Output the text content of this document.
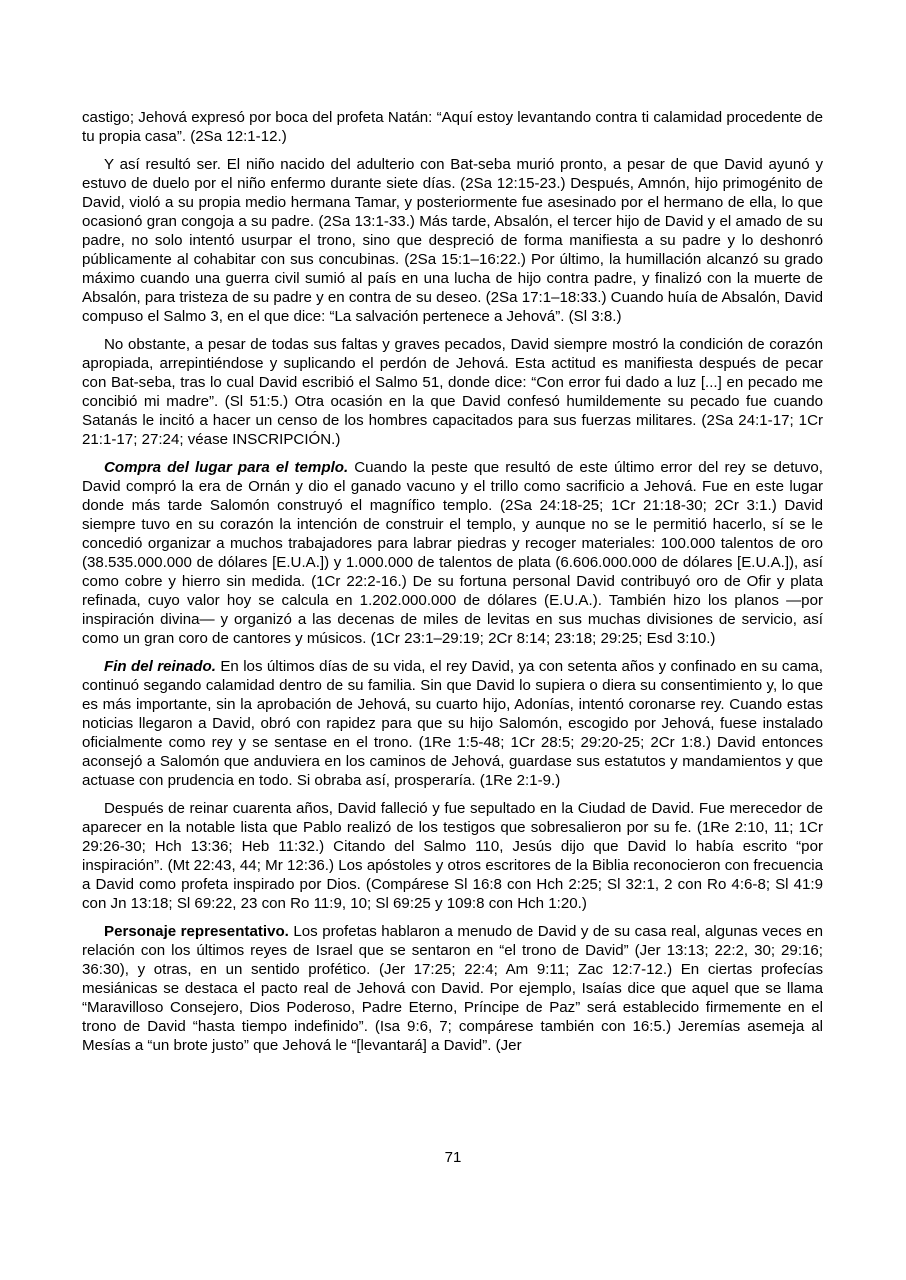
castigo; Jehová expresó por boca del profeta Natán: “Aquí estoy levantando contra ti calamidad procedente de tu propia casa”. (2Sa 12:1-12.)

Y así resultó ser. El niño nacido del adulterio con Bat-seba murió pronto, a pesar de que David ayunó y estuvo de duelo por el niño enfermo durante siete días. (2Sa 12:15-23.) Después, Amnón, hijo primogénito de David, violó a su propia medio hermana Tamar, y posteriormente fue asesinado por el hermano de ella, lo que ocasionó gran congoja a su padre. (2Sa 13:1-33.) Más tarde, Absalón, el tercer hijo de David y el amado de su padre, no solo intentó usurpar el trono, sino que despreció de forma manifiesta a su padre y lo deshonró públicamente al cohabitar con sus concubinas. (2Sa 15:1–16:22.) Por último, la humillación alcanzó su grado máximo cuando una guerra civil sumió al país en una lucha de hijo contra padre, y finalizó con la muerte de Absalón, para tristeza de su padre y en contra de su deseo. (2Sa 17:1–18:33.) Cuando huía de Absalón, David compuso el Salmo 3, en el que dice: “La salvación pertenece a Jehová”. (Sl 3:8.)

No obstante, a pesar de todas sus faltas y graves pecados, David siempre mostró la condición de corazón apropiada, arrepintiéndose y suplicando el perdón de Jehová. Esta actitud es manifiesta después de pecar con Bat-seba, tras lo cual David escribió el Salmo 51, donde dice: “Con error fui dado a luz [...] en pecado me concibió mi madre”. (Sl 51:5.) Otra ocasión en la que David confesó humildemente su pecado fue cuando Satanás le incitó a hacer un censo de los hombres capacitados para sus fuerzas militares. (2Sa 24:1-17; 1Cr 21:1-17; 27:24; véase INSCRIPCIÓN.)

Compra del lugar para el templo. Cuando la peste que resultó de este último error del rey se detuvo, David compró la era de Ornán y dio el ganado vacuno y el trillo como sacrificio a Jehová. Fue en este lugar donde más tarde Salomón construyó el magnífico templo. (2Sa 24:18-25; 1Cr 21:18-30; 2Cr 3:1.) David siempre tuvo en su corazón la intención de construir el templo, y aunque no se le permitió hacerlo, sí se le concedió organizar a muchos trabajadores para labrar piedras y recoger materiales: 100.000 talentos de oro (38.535.000.000 de dólares [E.U.A.]) y 1.000.000 de talentos de plata (6.606.000.000 de dólares [E.U.A.]), así como cobre y hierro sin medida. (1Cr 22:2-16.) De su fortuna personal David contribuyó oro de Ofir y plata refinada, cuyo valor hoy se calcula en 1.202.000.000 de dólares (E.U.A.). También hizo los planos —por inspiración divina— y organizó a las decenas de miles de levitas en sus muchas divisiones de servicio, así como un gran coro de cantores y músicos. (1Cr 23:1–29:19; 2Cr 8:14; 23:18; 29:25; Esd 3:10.)

Fin del reinado. En los últimos días de su vida, el rey David, ya con setenta años y confinado en su cama, continuó segando calamidad dentro de su familia. Sin que David lo supiera o diera su consentimiento y, lo que es más importante, sin la aprobación de Jehová, su cuarto hijo, Adonías, intentó coronarse rey. Cuando estas noticias llegaron a David, obró con rapidez para que su hijo Salomón, escogido por Jehová, fuese instalado oficialmente como rey y se sentase en el trono. (1Re 1:5-48; 1Cr 28:5; 29:20-25; 2Cr 1:8.) David entonces aconsejó a Salomón que anduviera en los caminos de Jehová, guardase sus estatutos y mandamientos y que actuase con prudencia en todo. Si obraba así, prosperaría. (1Re 2:1-9.)

Después de reinar cuarenta años, David falleció y fue sepultado en la Ciudad de David. Fue merecedor de aparecer en la notable lista que Pablo realizó de los testigos que sobresalieron por su fe. (1Re 2:10, 11; 1Cr 29:26-30; Hch 13:36; Heb 11:32.) Citando del Salmo 110, Jesús dijo que David lo había escrito “por inspiración”. (Mt 22:43, 44; Mr 12:36.) Los apóstoles y otros escritores de la Biblia reconocieron con frecuencia a David como profeta inspirado por Dios. (Compárese Sl 16:8 con Hch 2:25; Sl 32:1, 2 con Ro 4:6-8; Sl 41:9 con Jn 13:18; Sl 69:22, 23 con Ro 11:9, 10; Sl 69:25 y 109:8 con Hch 1:20.)

Personaje representativo. Los profetas hablaron a menudo de David y de su casa real, algunas veces en relación con los últimos reyes de Israel que se sentaron en “el trono de David” (Jer 13:13; 22:2, 30; 29:16; 36:30), y otras, en un sentido profético. (Jer 17:25; 22:4; Am 9:11; Zac 12:7-12.) En ciertas profecías mesiánicas se destaca el pacto real de Jehová con David. Por ejemplo, Isaías dice que aquel que se llama “Maravilloso Consejero, Dios Poderoso, Padre Eterno, Príncipe de Paz” será establecido firmemente en el trono de David “hasta tiempo indefinido”. (Isa 9:6, 7; compárese también con 16:5.) Jeremías asemeja al Mesías a “un brote justo” que Jehová le “[levantará] a David”. (Jer

71
